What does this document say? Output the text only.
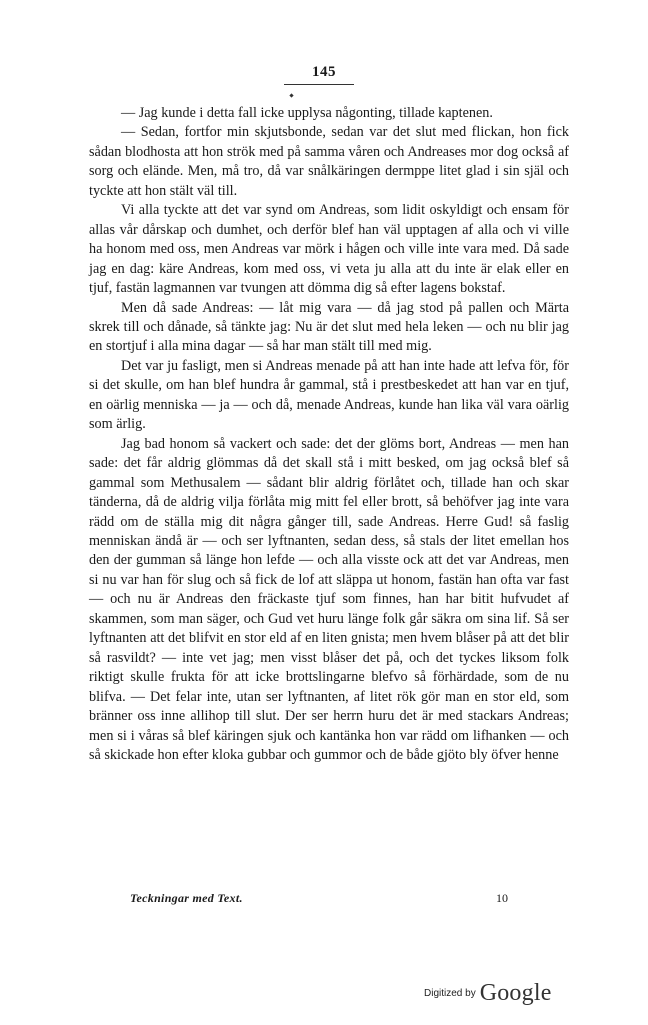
145

— Jag kunde i detta fall icke upplysa någonting, tillade kaptenen.

— Sedan, fortfor min skjutsbonde, sedan var det slut med flickan, hon fick sådan blodhosta att hon strök med på samma våren och Andreases mor dog också af sorg och elände. Men, må tro, då var snålkäringen dermppe litet glad i sin själ och tyckte att hon stält väl till.

Vi alla tyckte att det var synd om Andreas, som lidit oskyldigt och ensam för allas vår dårskap och dumhet, och derför blef han väl upptagen af alla och vi ville ha honom med oss, men Andreas var mörk i hågen och ville inte vara med. Då sade jag en dag: käre Andreas, kom med oss, vi veta ju alla att du inte är elak eller en tjuf, fastän lagmannen var tvungen att dömma dig så efter lagens bokstaf.

Men då sade Andreas: — låt mig vara — då jag stod på pallen och Märta skrek till och dånade, så tänkte jag: Nu är det slut med hela leken — och nu blir jag en stortjuf i alla mina dagar — så har man stält till med mig.

Det var ju fasligt, men si Andreas menade på att han inte hade att lefva för, för si det skulle, om han blef hundra år gammal, stå i prestbeskedet att han var en tjuf, en oärlig menniska — ja — och då, menade Andreas, kunde han lika väl vara oärlig som ärlig.

Jag bad honom så vackert och sade: det der glöms bort, Andreas — men han sade: det får aldrig glömmas då det skall stå i mitt besked, om jag också blef så gammal som Methusalem — sådant blir aldrig förlåtet och, tillade han och skar tänderna, då de aldrig vilja förlåta mig mitt fel eller brott, så behöfver jag inte vara rädd om de ställa mig dit några gånger till, sade Andreas. Herre Gud! så faslig menniskan ändå är — och ser lyftnanten, sedan dess, så stals der litet emellan hos den der gumman så länge hon lefde — och alla visste ock att det var Andreas, men si nu var han för slug och så fick de lof att släppa ut honom, fastän han ofta var fast — och nu är Andreas den fräckaste tjuf som finnes, han har bitit hufvudet af skammen, som man säger, och Gud vet huru länge folk går säkra om sina lif. Så ser lyftnanten att det blifvit en stor eld af en liten gnista; men hvem blåser på att det blir så rasvildt? — inte vet jag; men visst blåser det på, och det tyckes liksom folk riktigt skulle frukta för att icke brottslingarne blefvo så förhärdade, som de nu blifva. — Det felar inte, utan ser lyftnanten, af litet rök gör man en stor eld, som bränner oss inne allihop till slut. Der ser herrn huru det är med stackars Andreas; men si i våras så blef käringen sjuk och kantänka hon var rädd om lifhanken — och så skickade hon efter kloka gubbar och gummor och de både gjöto bly öfver henne

Teckningar med Text.	10
$^{Digitized by}$ Google
